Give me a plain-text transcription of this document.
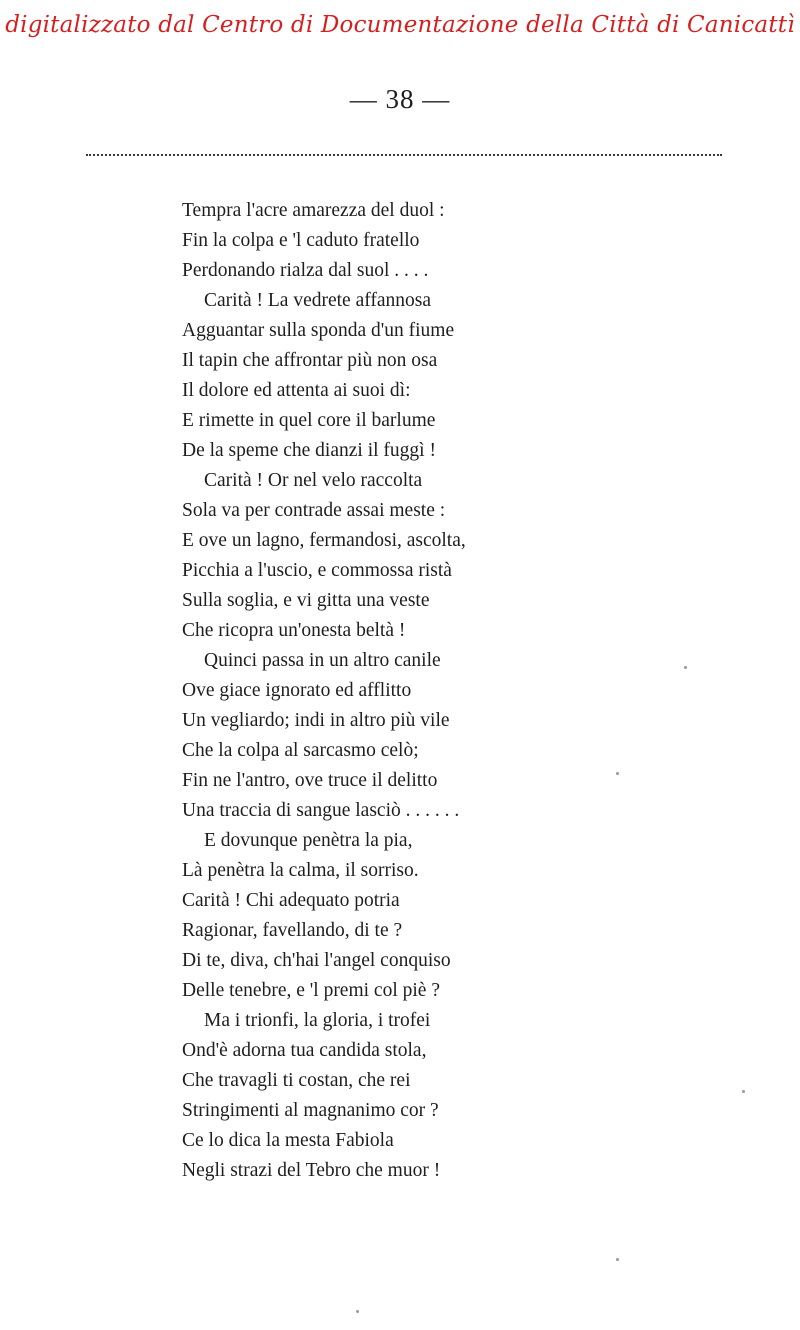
digitalizzato dal Centro di Documentazione della Città di Canicattì
— 38 —
Tempra l'acre amarezza del duol :
Fin la colpa e 'l caduto fratello
Perdonando rialza dal suol . . . .
Carità ! La vedrete affannosa
Agguantar sulla sponda d'un fiume
Il tapin che affrontar più non osa
Il dolore ed attenta ai suoi dì:
E rimette in quel core il barlume
De la speme che dianzi il fuggì !
Carità ! Or nel velo raccolta
Sola va per contrade assai meste :
E ove un lagno, fermandosi, ascolta,
Picchia a l'uscio, e commossa ristà
Sulla soglia, e vi gitta una veste
Che ricopra un'onesta beltà !
Quinci passa in un altro canile
Ove giace ignorato ed afflitto
Un vegliardo; indi in altro più vile
Che la colpa al sarcasmo celò;
Fin ne l'antro, ove truce il delitto
Una traccia di sangue lasciò . . . . . .
E dovunque penètra la pia,
Là penètra la calma, il sorriso.
Carità ! Chi adequato potria
Ragionar, favellando, di te ?
Di te, diva, ch'hai l'angel conquiso
Delle tenebre, e 'l premi col piè ?
Ma i trionfi, la gloria, i trofei
Ond'è adorna tua candida stola,
Che travagli ti costan, che rei
Stringimenti al magnanimo cor ?
Ce lo dica la mesta Fabiola
Negli strazi del Tebro che muor !
